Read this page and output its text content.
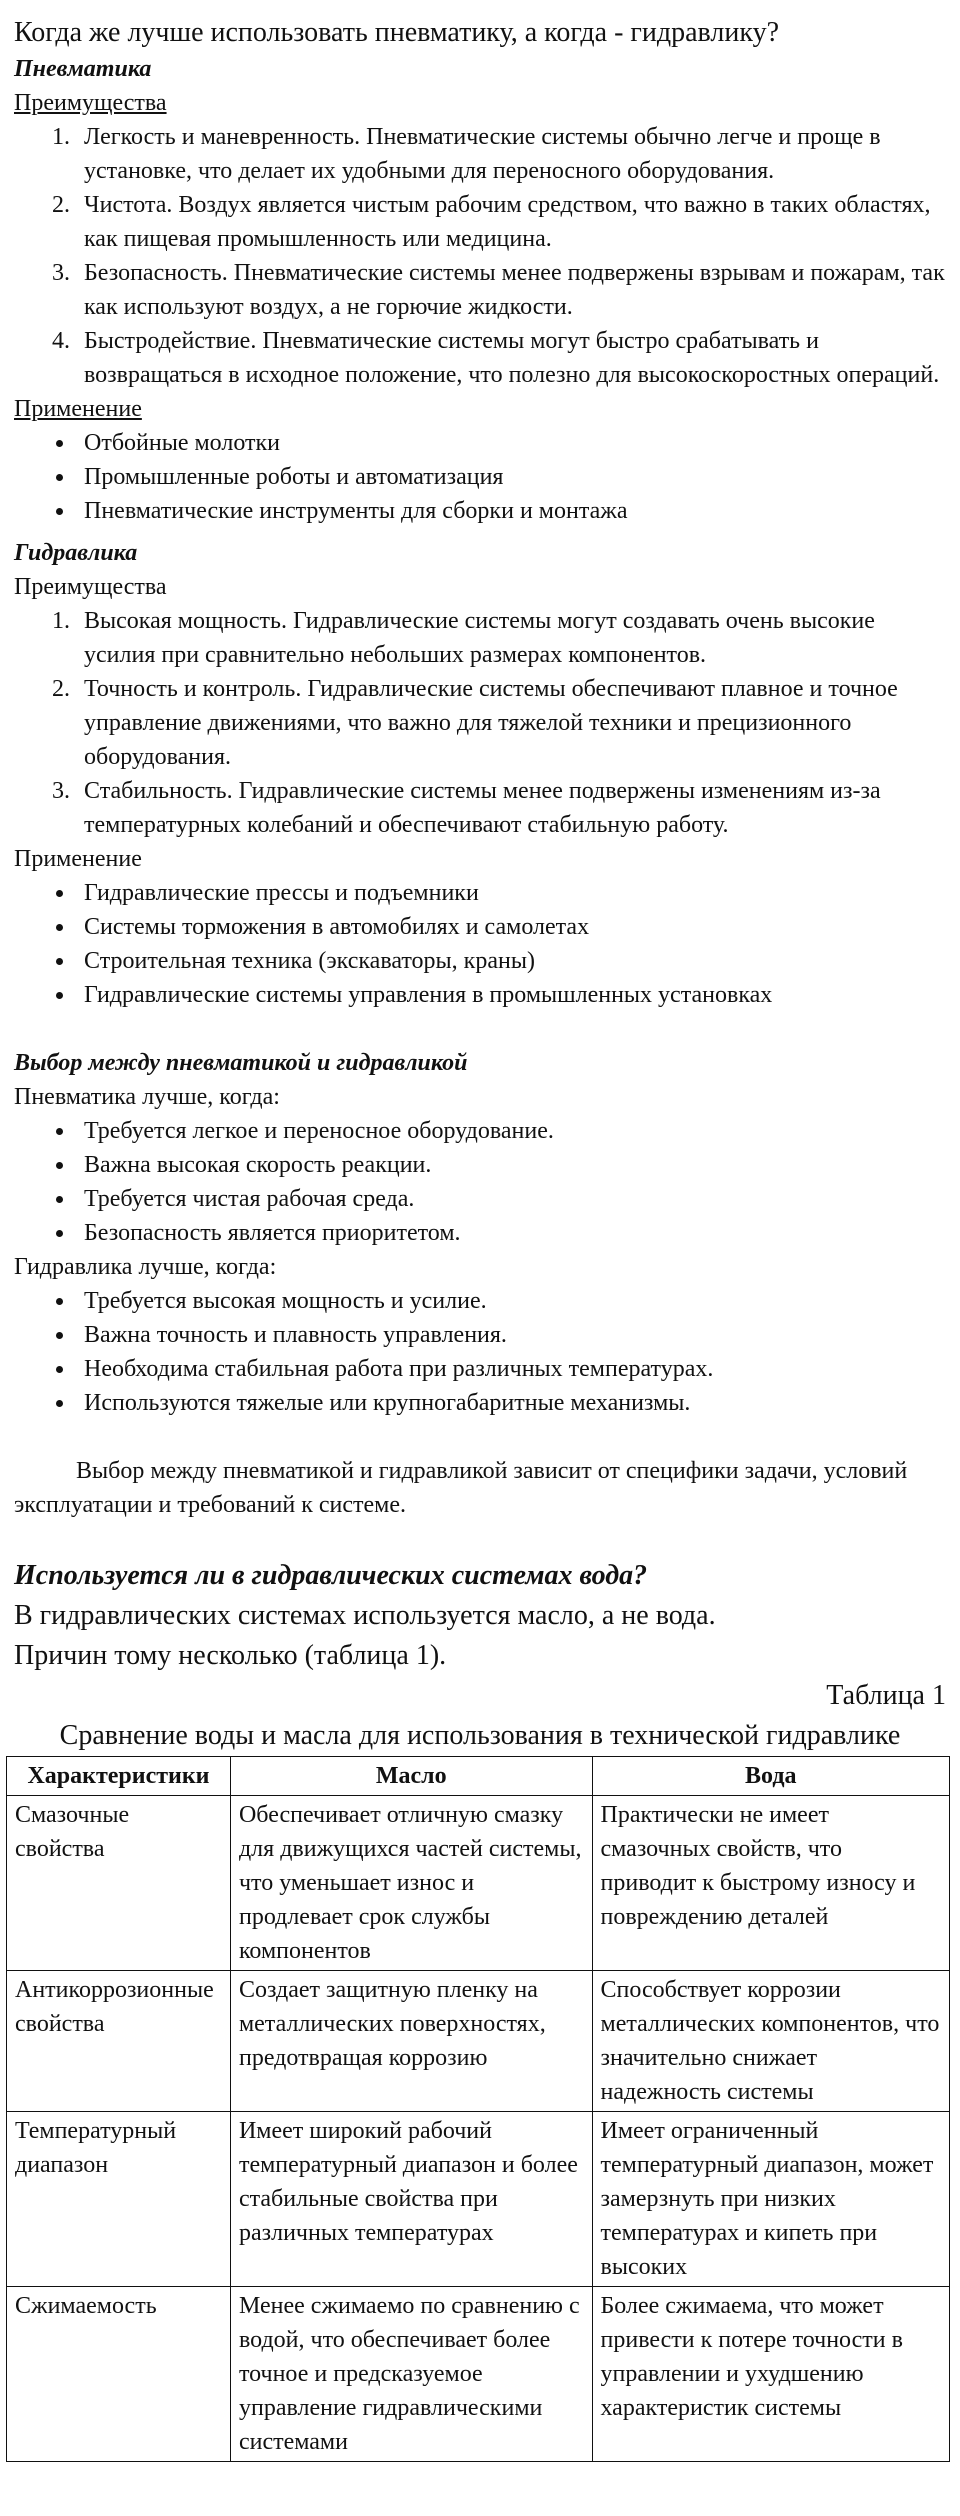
Когда же лучше использовать пневматику, а когда - гидравлику?

Пневматика

Преимущества

1. Легкость и маневренность. Пневматические системы обычно легче и проще в установке, что делает их удобными для переносного оборудования.
2. Чистота. Воздух является чистым рабочим средством, что важно в таких областях, как пищевая промышленность или медицина.
3. Безопасность. Пневматические системы менее подвержены взрывам и пожарам, так как используют воздух, а не горючие жидкости.
4. Быстродействие. Пневматические системы могут быстро срабатывать и возвращаться в исходное положение, что полезно для высокоскоростных операций.

Применение

• Отбойные молотки
• Промышленные роботы и автоматизация
• Пневматические инструменты для сборки и монтажа

Гидравлика

Преимущества

1. Высокая мощность. Гидравлические системы могут создавать очень высокие усилия при сравнительно небольших размерах компонентов.
2. Точность и контроль. Гидравлические системы обеспечивают плавное и точное управление движениями, что важно для тяжелой техники и прецизионного оборудования.
3. Стабильность. Гидравлические системы менее подвержены изменениям из-за температурных колебаний и обеспечивают стабильную работу.

Применение

• Гидравлические прессы и подъемники
• Системы торможения в автомобилях и самолетах
• Строительная техника (экскаваторы, краны)
• Гидравлические системы управления в промышленных установках

Выбор между пневматикой и гидравликой

Пневматика лучше, когда:

• Требуется легкое и переносное оборудование.
• Важна высокая скорость реакции.
• Требуется чистая рабочая среда.
• Безопасность является приоритетом.

Гидравлика лучше, когда:

• Требуется высокая мощность и усилие.
• Важна точность и плавность управления.
• Необходима стабильная работа при различных температурах.
• Используются тяжелые или крупногабаритные механизмы.

Выбор между пневматикой и гидравликой зависит от специфики задачи, условий эксплуатации и требований к системе.

Используется ли в гидравлических системах вода?

В гидравлических системах используется масло, а не вода.

Причин тому несколько (таблица 1).

Таблица 1

Сравнение воды и масла для использования в технической гидравлике

Характеристики	Масло	Вода
Смазочные свойства	Обеспечивает отличную смазку для движущихся частей системы, что уменьшает износ и продлевает срок службы компонентов	Практически не имеет смазочных свойств, что приводит к быстрому износу и повреждению деталей
Антикоррозионные свойства	Создает защитную пленку на металлических поверхностях, предотвращая коррозию	Способствует коррозии металлических компонентов, что значительно снижает надежность системы
Температурный диапазон	Имеет широкий рабочий температурный диапазон и более стабильные свойства при различных температурах	Имеет ограниченный температурный диапазон, может замерзнуть при низких температурах и кипеть при высоких
Сжимаемость	Менее сжимаемо по сравнению с водой, что обеспечивает более точное и предсказуемое управление гидравлическими системами	Более сжимаема, что может привести к потере точности в управлении и ухудшению характеристик системы
